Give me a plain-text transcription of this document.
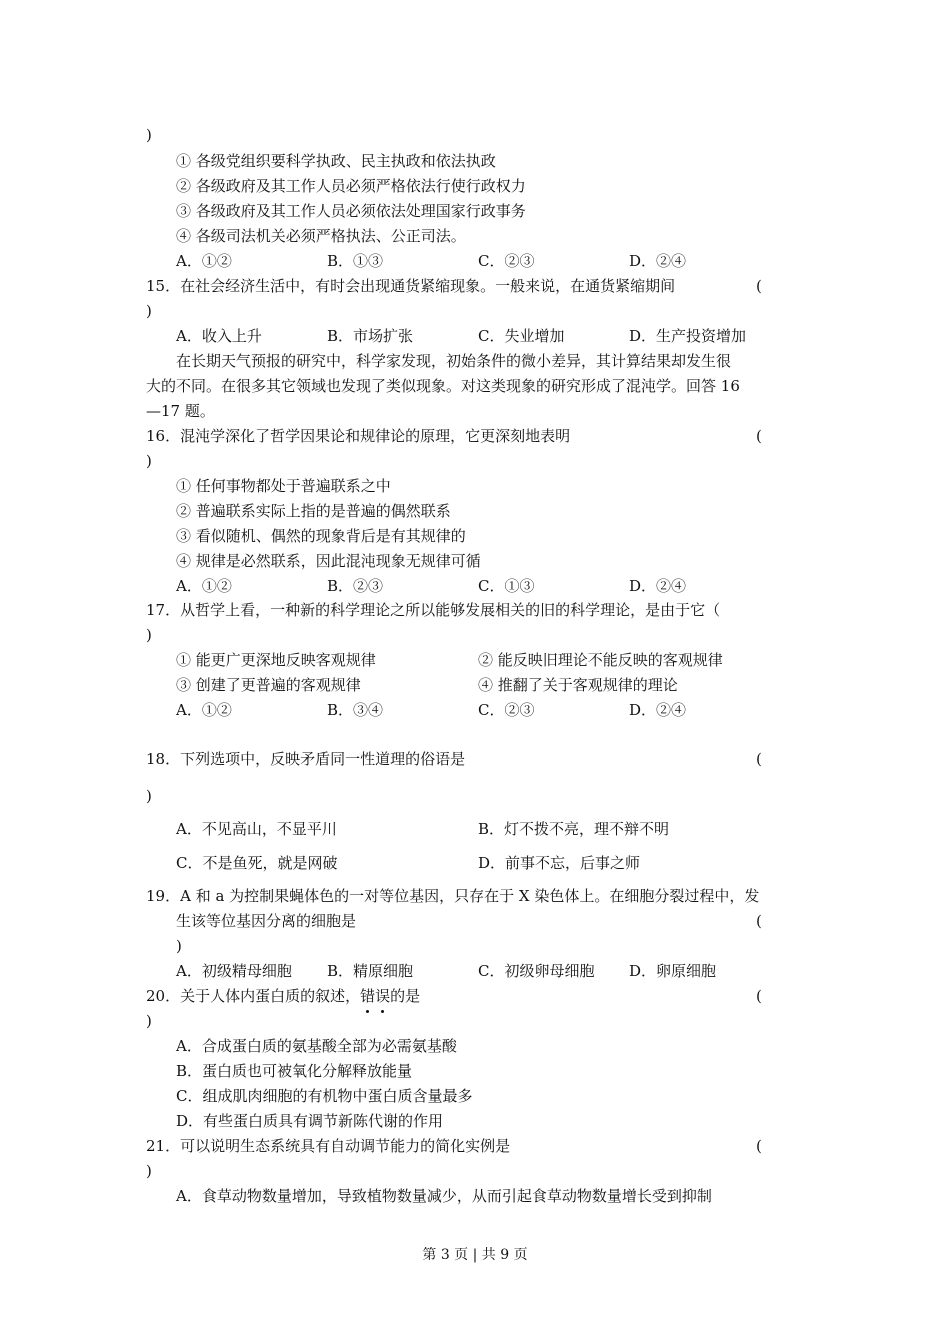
)
① 各级党组织要科学执政、民主执政和依法执政
② 各级政府及其工作人员必须严格依法行使行政权力
③ 各级政府及其工作人员必须依法处理国家行政事务
④ 各级司法机关必须严格执法、公正司法。
A．①②	B．①③	C．②③	D．②④
15．在社会经济生活中，有时会出现通货紧缩现象。一般来说，在通货紧缩期间	(
)
A．收入上升	B．市场扩张	C．失业增加	D．生产投资增加
在长期天气预报的研究中，科学家发现，初始条件的微小差异，其计算结果却发生很
大的不同。在很多其它领域也发现了类似现象。对这类现象的研究形成了混沌学。回答 16
—17 题。
16．混沌学深化了哲学因果论和规律论的原理，它更深刻地表明	(
)
① 任何事物都处于普遍联系之中
② 普遍联系实际上指的是普遍的偶然联系
③ 看似随机、偶然的现象背后是有其规律的
④ 规律是必然联系，因此混沌现象无规律可循
A．①②	B．②③	C．①③	D．②④
17．从哲学上看，一种新的科学理论之所以能够发展相关的旧的科学理论，是由于它（
)
① 能更广更深地反映客观规律	② 能反映旧理论不能反映的客观规律
③ 创建了更普遍的客观规律	④ 推翻了关于客观规律的理论
A．①②	B．③④	C．②③	D．②④
18．下列选项中，反映矛盾同一性道理的俗语是	(
)
A．不见高山，不显平川	B．灯不拨不亮，理不辩不明
C．不是鱼死，就是网破	D．前事不忘，后事之师
19．A 和 a 为控制果蝇体色的一对等位基因，只存在于 X 染色体上。在细胞分裂过程中，发
生该等位基因分离的细胞是	(
)
A．初级精母细胞 B．精原细胞	C．初级卵母细胞 D．卵原细胞
20．关于人体内蛋白质的叙述，错误的是	(
)
A．合成蛋白质的氨基酸全部为必需氨基酸
B．蛋白质也可被氧化分解释放能量
C．组成肌肉细胞的有机物中蛋白质含量最多
D．有些蛋白质具有调节新陈代谢的作用
21．可以说明生态系统具有自动调节能力的简化实例是	(
)
A．食草动物数量增加，导致植物数量减少，从而引起食草动物数量增长受到抑制
第 3 页 | 共 9 页
